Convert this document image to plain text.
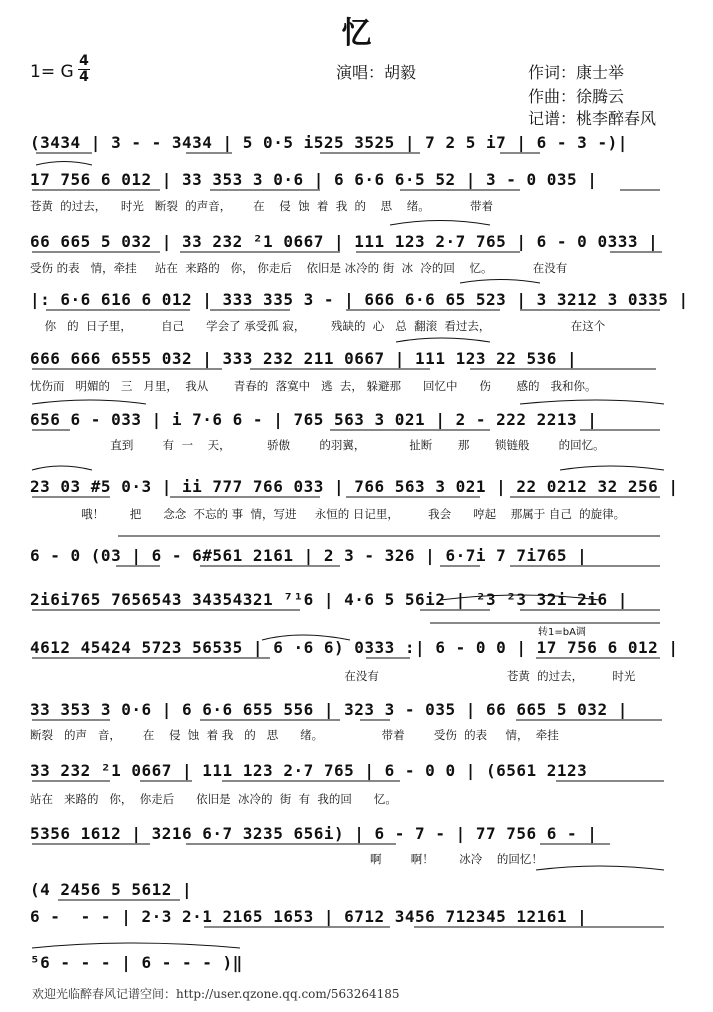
忆
1= G
4
4	演唱：胡毅	作词：康士举
作曲：徐腾云
记谱：桃李醉春风
(3434 | 3 - - 3434 | 5 0·5 i525 3525 | 7 2 5 i7 | 6 - 3 -)|
17 756 6 012 | 33 353 3 0·6 | 6 6·6 6·5 52 | 3 - 0 035 |
苍黄  的过去，    时光   断裂  的声音，      在    侵  蚀  着  我  的    思    绪。           带着
66 665 5 032 | 33 232 ²1 0667 | 111 123 2·7 765 | 6 - 0 0333 |
受伤 的表   情，牵挂     站在  来路的   你， 你走后    依旧是 冰冷的 街  冰  冷的回    忆。           在没有
|: 6·6 616 6 012 | 333 335 3 - | 666 6·6 65 523 | 3 3212 3 0335 |
你   的  日子里，        自己      学会了 承受孤 寂，       残缺的  心   总  翻滚  看过去，                      在这个
666 666 6555 032 | 333 232 211 0667 | 111 123 22 536 |
忧伤而   明媚的   三   月里，  我从       青春的  落寞中   逃  去， 躲避那      回忆中      伤       感的   我和你。
656 6 - 033 | i 7·6 6 - | 765 563 3 021 | 2 - 222 2213 |
直到        有  一    天，          骄傲        的羽翼，            扯断       那       锁链般        的回忆。
23 03 #5 0·3 | ii 777 766 033 | 766 563 3 021 | 22 0212 32 256 |
哦！       把      念念  不忘的 事  情，写进     永恒的 日记里，        我会      哼起    那属于 自己  的旋律。
6 - 0 (03 | 6 - 6#561 2161 | 2 3 - 326 | 6·7i 7 7i765 |
2i6i765 7656543 34354321 ⁷¹6 | 4·6 5 56i2 | ²3 ²3 32i 2i6 |
4612 45424 5723 56535 | 6 ·6 6) 0333 :| 6 - 0 0 | 17 756 6 012 |
在没有                                   苍黄  的过去，        时光
转1=bA调
33 353 3 0·6 | 6 6·6 655 556 | 323 3 - 035 | 66 665 5 032 |
断裂   的声   音，      在    侵  蚀  着 我   的   思      绪。                带着        受伤  的表     情，  牵挂
33 232 ²1 0667 | 111 123 2·7 765 | 6 - 0 0 | (6561 2123
站在   来路的   你，  你走后      依旧是  冰冷的  街  有  我的回      忆。
5356 1612 | 3216 6·7 3235 656i) | 6 - 7 - | 77 756 6 - |
啊        啊！       冰冷    的回忆！
(4 2456 5 5612 |
6 -  - - | 2·3 2·1 2165 1653 | 6712 3456 712345 12161 |
⁵6 - - - | 6 - - - )‖
欢迎光临醉春风记谱空间：http://user.qzone.qq.com/563264185
